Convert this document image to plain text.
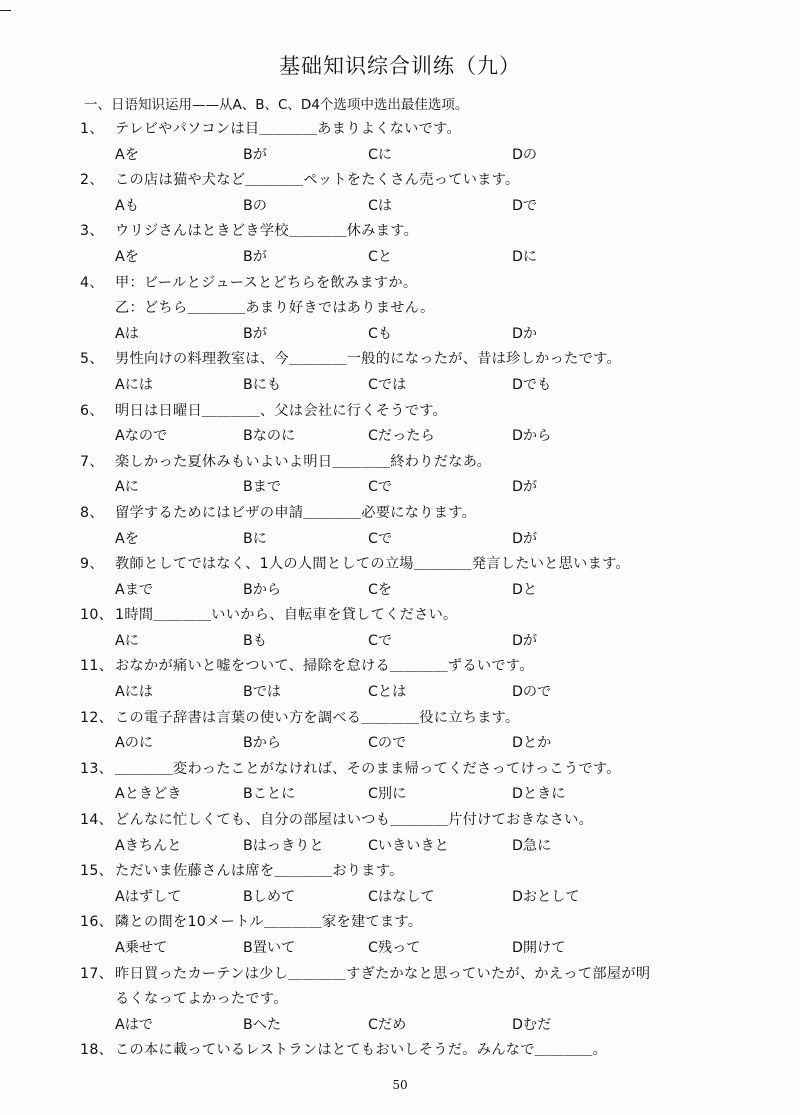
基础知识综合训练（九）
一、日语知识运用——从A、B、C、D4个选项中选出最佳选项。
1、 テレビやパソコンは目＿＿＿＿あまりよくないです。
Aを	Bが	Cに	Dの
2、 この店は猫や犬など＿＿＿＿ペットをたくさん売っています。
Aも	Bの	Cは	Dで
3、 ウリジさんはときどき学校＿＿＿＿休みます。
Aを	Bが	Cと	Dに
4、 甲：ビールとジュースとどちらを飲みますか。
乙：どちら＿＿＿＿あまり好きではありません。
Aは	Bが	Cも	Dか
5、 男性向けの料理教室は、今＿＿＿＿一般的になったが、昔は珍しかったです。
Aには	Bにも	Cでは	Dでも
6、 明日は日曜日＿＿＿＿、父は会社に行くそうです。
Aなので	Bなのに	Cだったら	Dから
7、 楽しかった夏休みもいよいよ明日＿＿＿＿終わりだなあ。
Aに	Bまで	Cで	Dが
8、 留学するためにはビザの申請＿＿＿＿必要になります。
Aを	Bに	Cで	Dが
9、 教師としてではなく、1人の人間としての立場＿＿＿＿発言したいと思います。
Aまで	Bから	Cを	Dと
10、 1時間＿＿＿＿いいから、自転車を貸してください。
Aに	Bも	Cで	Dが
11、 おなかが痛いと嘘をついて、掃除を怠ける＿＿＿＿ずるいです。
Aには	Bでは	Cとは	Dので
12、 この電子辞書は言葉の使い方を調べる＿＿＿＿役に立ちます。
Aのに	Bから	Cので	Dとか
13、 ＿＿＿＿変わったことがなければ、そのまま帰ってくださってけっこうです。
Aときどき	Bことに	C別に	Dときに
14、 どんなに忙しくても、自分の部屋はいつも＿＿＿＿片付けておきなさい。
Aきちんと	Bはっきりと	Cいきいきと	D急に
15、 ただいま佐藤さんは席を＿＿＿＿おります。
Aはずして	Bしめて	Cはなして	Dおとして
16、 隣との間を10メートル＿＿＿＿家を建てます。
A乗せて	B置いて	C残って	D開けて
17、 昨日買ったカーテンは少し＿＿＿＿すぎたかなと思っていたが、かえって部屋が明
るくなってよかったです。
Aはで	Bへた	Cだめ	Dむだ
18、 この本に載っているレストランはとてもおいしそうだ。みんなで＿＿＿＿。
50
